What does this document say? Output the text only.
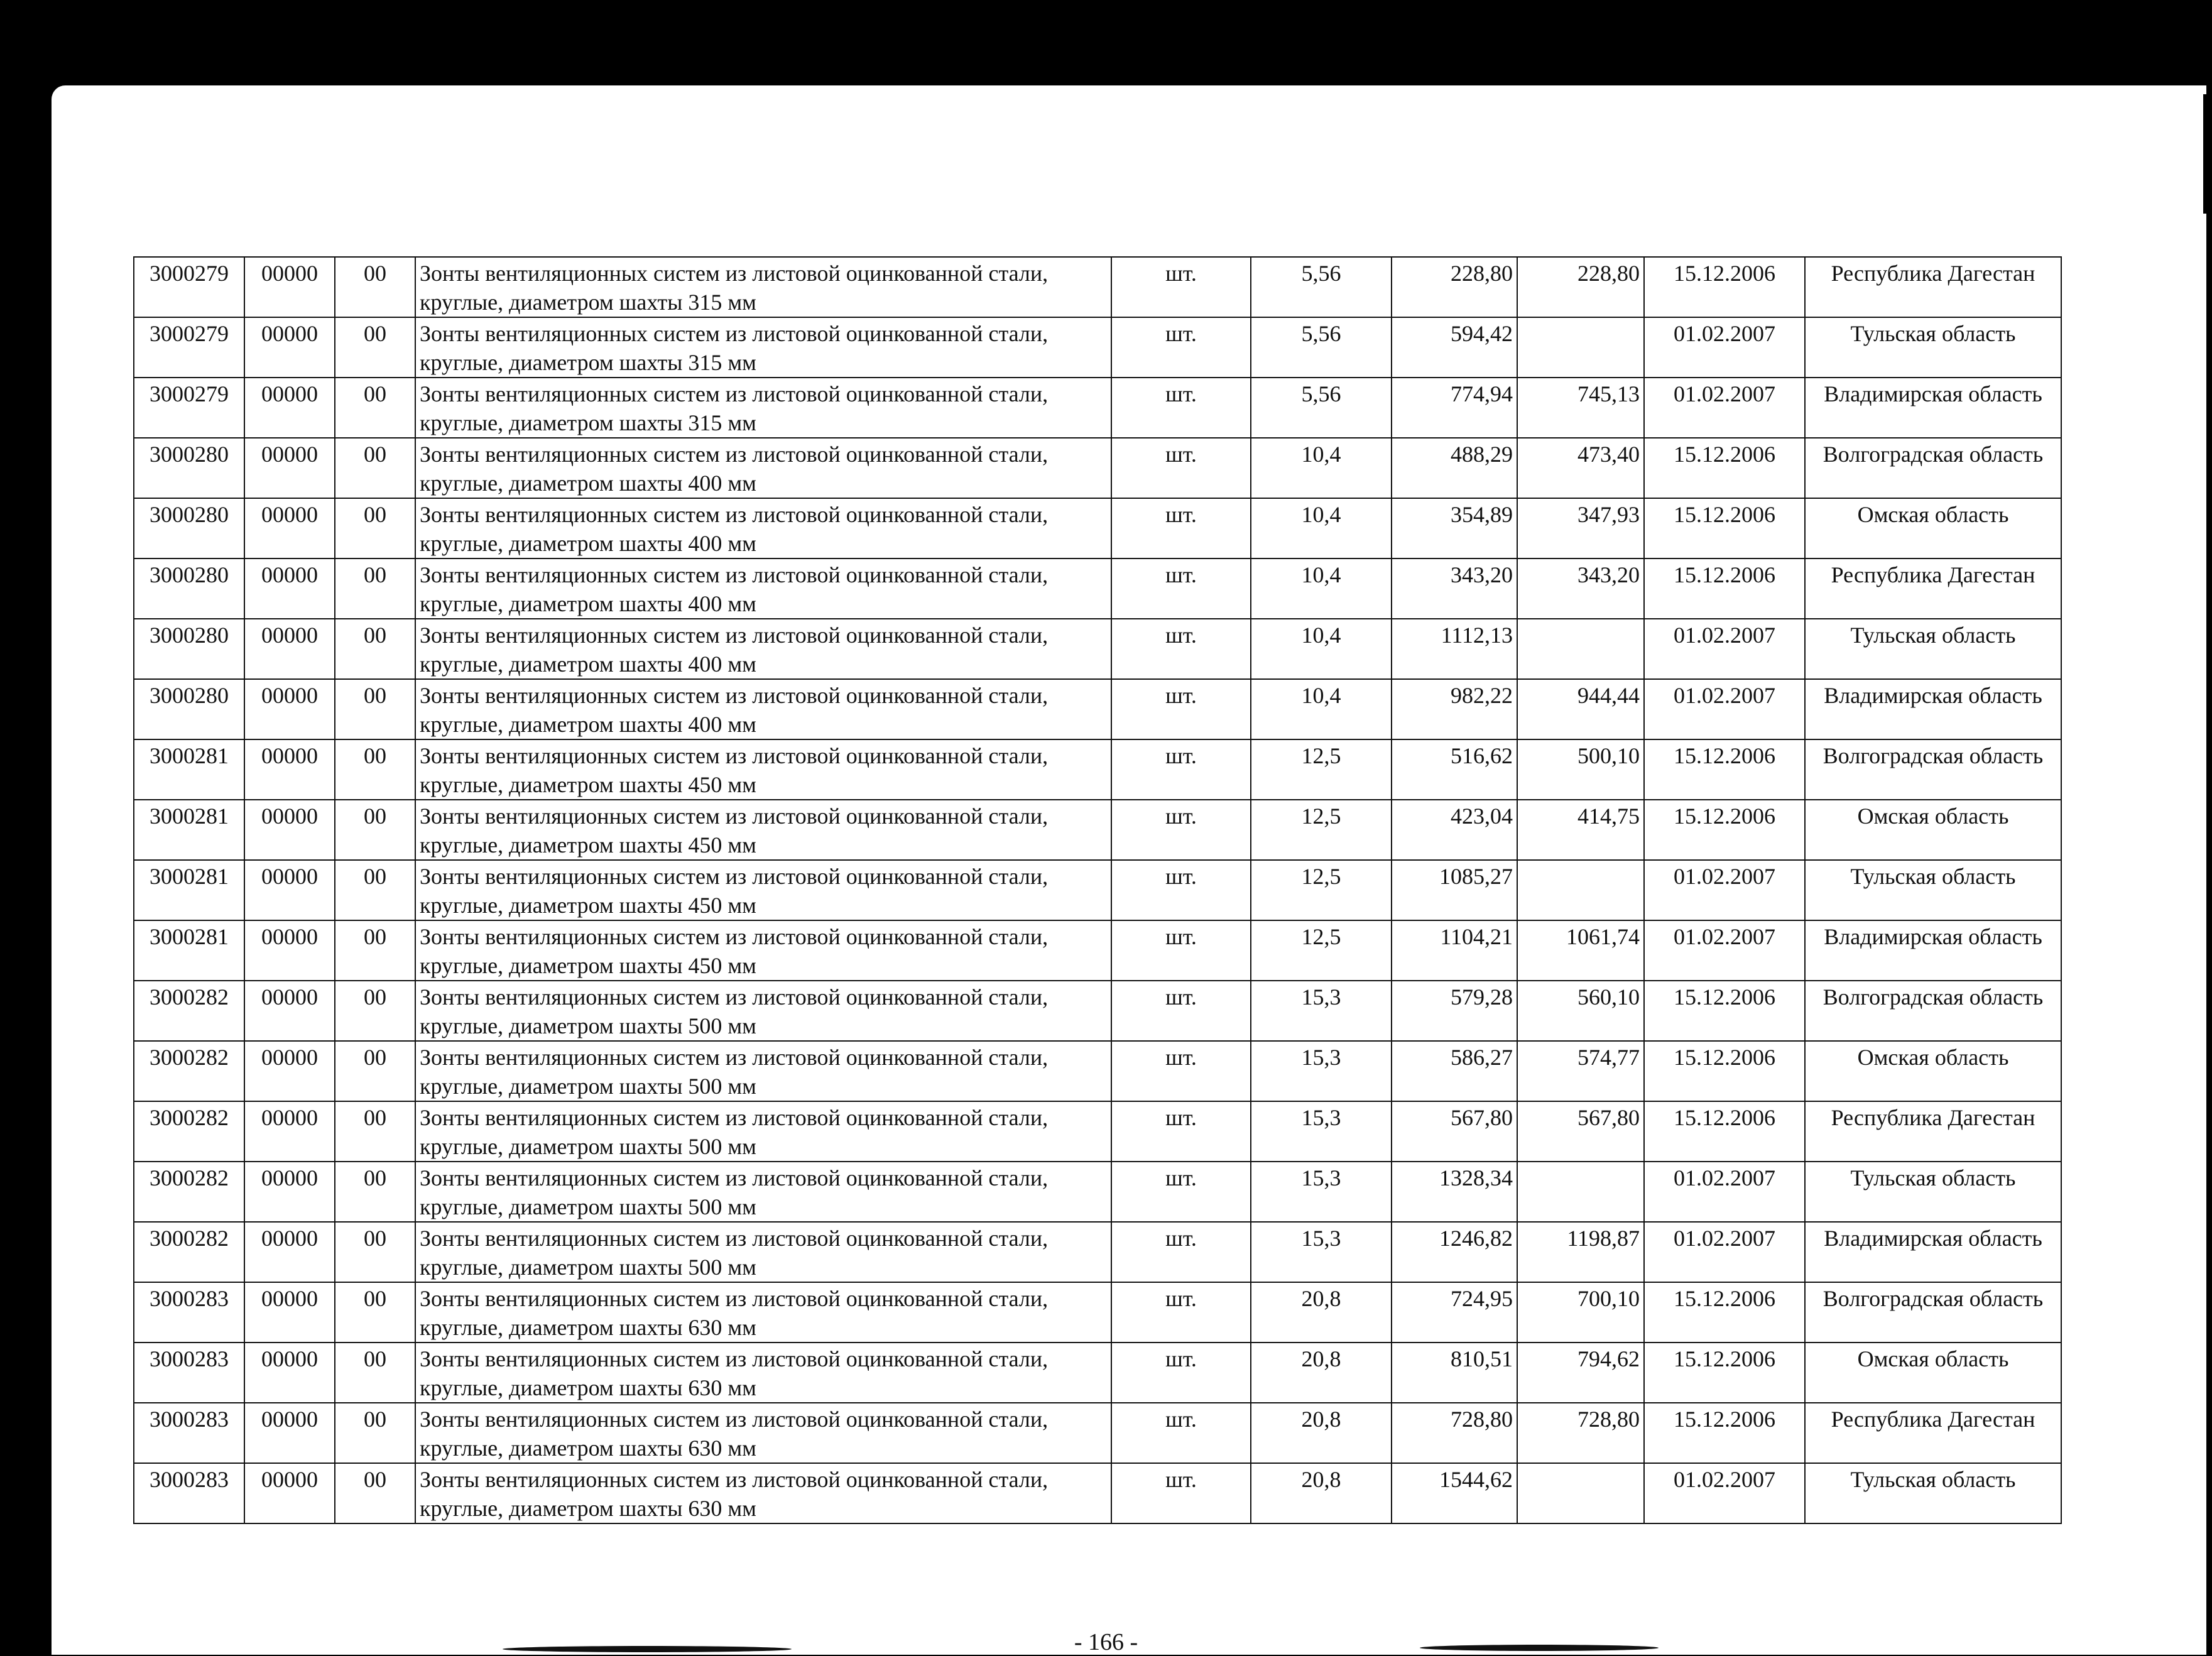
3000279	00000	00	Зонты вентиляционных систем из листовой оцинкованной стали, круглые, диаметром шахты 315 мм	шт.	5,56	228,80	228,80	15.12.2006	Республика Дагестан
3000279	00000	00	Зонты вентиляционных систем из листовой оцинкованной стали, круглые, диаметром шахты 315 мм	шт.	5,56	594,42		01.02.2007	Тульская область
3000279	00000	00	Зонты вентиляционных систем из листовой оцинкованной стали, круглые, диаметром шахты 315 мм	шт.	5,56	774,94	745,13	01.02.2007	Владимирская область
3000280	00000	00	Зонты вентиляционных систем из листовой оцинкованной стали, круглые, диаметром шахты 400 мм	шт.	10,4	488,29	473,40	15.12.2006	Волгоградская область
3000280	00000	00	Зонты вентиляционных систем из листовой оцинкованной стали, круглые, диаметром шахты 400 мм	шт.	10,4	354,89	347,93	15.12.2006	Омская область
3000280	00000	00	Зонты вентиляционных систем из листовой оцинкованной стали, круглые, диаметром шахты 400 мм	шт.	10,4	343,20	343,20	15.12.2006	Республика Дагестан
3000280	00000	00	Зонты вентиляционных систем из листовой оцинкованной стали, круглые, диаметром шахты 400 мм	шт.	10,4	1112,13		01.02.2007	Тульская область
3000280	00000	00	Зонты вентиляционных систем из листовой оцинкованной стали, круглые, диаметром шахты 400 мм	шт.	10,4	982,22	944,44	01.02.2007	Владимирская область
3000281	00000	00	Зонты вентиляционных систем из листовой оцинкованной стали, круглые, диаметром шахты 450 мм	шт.	12,5	516,62	500,10	15.12.2006	Волгоградская область
3000281	00000	00	Зонты вентиляционных систем из листовой оцинкованной стали, круглые, диаметром шахты 450 мм	шт.	12,5	423,04	414,75	15.12.2006	Омская область
3000281	00000	00	Зонты вентиляционных систем из листовой оцинкованной стали, круглые, диаметром шахты 450 мм	шт.	12,5	1085,27		01.02.2007	Тульская область
3000281	00000	00	Зонты вентиляционных систем из листовой оцинкованной стали, круглые, диаметром шахты 450 мм	шт.	12,5	1104,21	1061,74	01.02.2007	Владимирская область
3000282	00000	00	Зонты вентиляционных систем из листовой оцинкованной стали, круглые, диаметром шахты 500 мм	шт.	15,3	579,28	560,10	15.12.2006	Волгоградская область
3000282	00000	00	Зонты вентиляционных систем из листовой оцинкованной стали, круглые, диаметром шахты 500 мм	шт.	15,3	586,27	574,77	15.12.2006	Омская область
3000282	00000	00	Зонты вентиляционных систем из листовой оцинкованной стали, круглые, диаметром шахты 500 мм	шт.	15,3	567,80	567,80	15.12.2006	Республика Дагестан
3000282	00000	00	Зонты вентиляционных систем из листовой оцинкованной стали, круглые, диаметром шахты 500 мм	шт.	15,3	1328,34		01.02.2007	Тульская область
3000282	00000	00	Зонты вентиляционных систем из листовой оцинкованной стали, круглые, диаметром шахты 500 мм	шт.	15,3	1246,82	1198,87	01.02.2007	Владимирская область
3000283	00000	00	Зонты вентиляционных систем из листовой оцинкованной стали, круглые, диаметром шахты 630 мм	шт.	20,8	724,95	700,10	15.12.2006	Волгоградская область
3000283	00000	00	Зонты вентиляционных систем из листовой оцинкованной стали, круглые, диаметром шахты 630 мм	шт.	20,8	810,51	794,62	15.12.2006	Омская область
3000283	00000	00	Зонты вентиляционных систем из листовой оцинкованной стали, круглые, диаметром шахты 630 мм	шт.	20,8	728,80	728,80	15.12.2006	Республика Дагестан
3000283	00000	00	Зонты вентиляционных систем из листовой оцинкованной стали, круглые, диаметром шахты 630 мм	шт.	20,8	1544,62		01.02.2007	Тульская область
- 166 -
